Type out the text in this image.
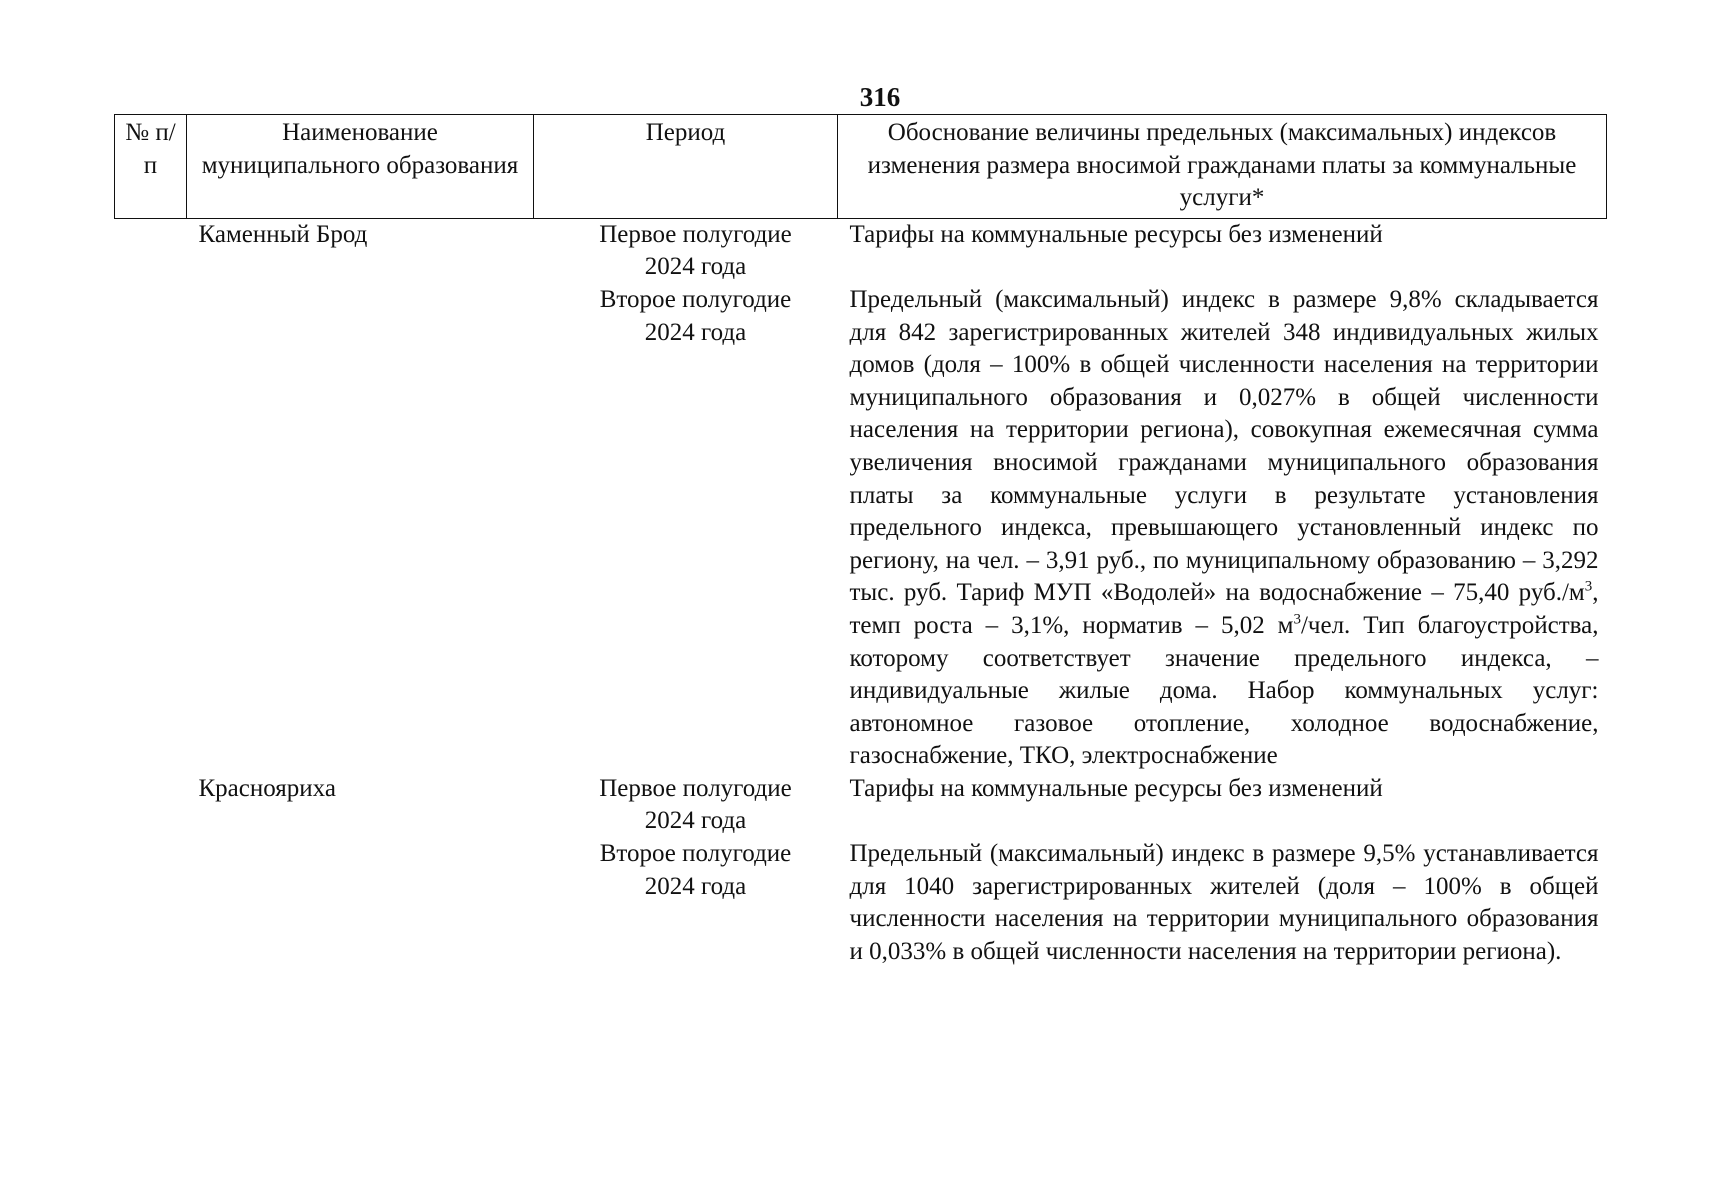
316
№ п/п	Наименование муниципального образования	Период	Обоснование величины предельных (максимальных) индексов изменения размера вносимой гражданами платы за коммунальные услуги*
	Каменный Брод	Первое полугодие 2024 года	Тарифы на коммунальные ресурсы без изменений
		Второе полугодие 2024 года	Предельный (максимальный) индекс в размере 9,8% складывается для 842 зарегистрированных жителей 348 индивидуальных жилых домов (доля – 100% в общей численности населения на территории муниципального образования и 0,027% в общей численности населения на территории региона), совокупная ежемесячная сумма увеличения вносимой гражданами муниципального образования платы за коммунальные услуги в результате установления предельного индекса, превышающего установленный индекс по региону, на чел. – 3,91 руб., по муниципальному образованию – 3,292 тыс. руб. Тариф МУП «Водолей» на водоснабжение – 75,40 $руб./м^3$, темп роста – 3,1%, норматив – 5,02 $м^3$/чел. Тип благоустройства, которому соответствует значение предельного индекса, – индивидуальные жилые дома. Набор коммунальных услуг: автономное газовое отопление, холодное водоснабжение, газоснабжение, ТКО, электроснабжение
	Краснояриха	Первое полугодие 2024 года	Тарифы на коммунальные ресурсы без изменений
		Второе полугодие 2024 года	Предельный (максимальный) индекс в размере 9,5% устанавливается для 1040 зарегистрированных жителей (доля – 100% в общей численности населения на территории муниципального образования и 0,033% в общей численности населения на территории региона).
